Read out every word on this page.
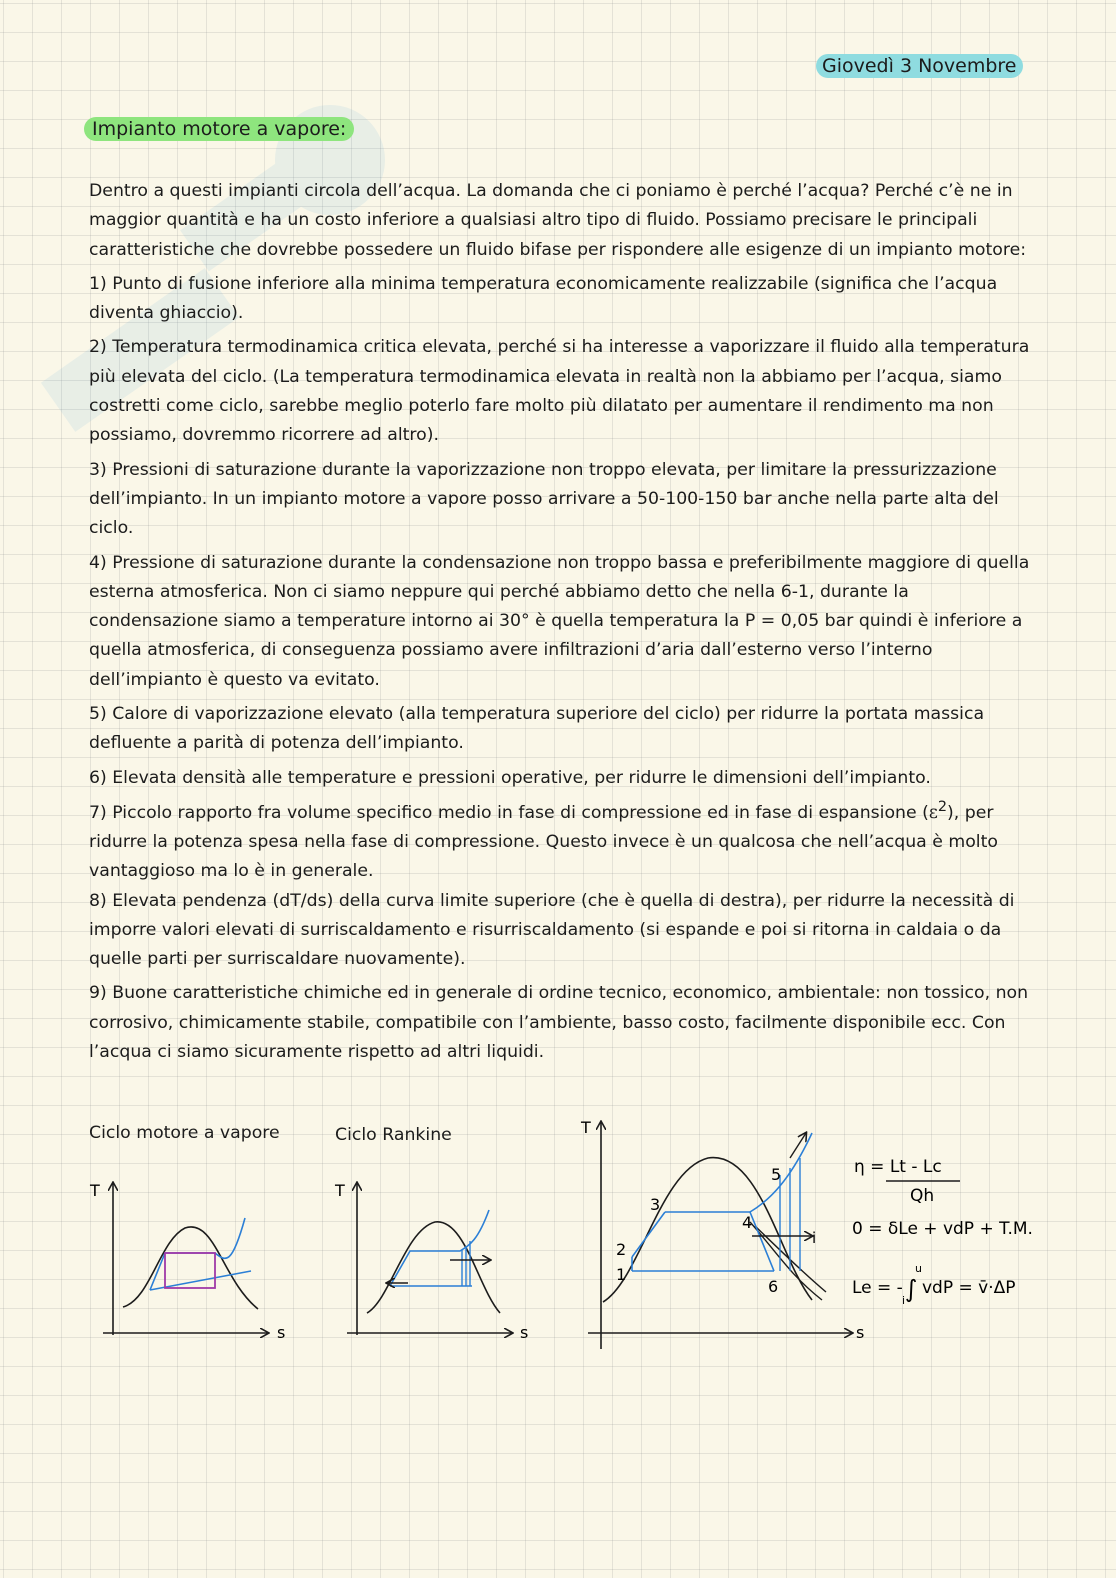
Giovedì 3 Novembre
Impianto motore a vapore:

Dentro a questi impianti circola dell’acqua. La domanda che ci poniamo è perché l’acqua? Perché c’è ne in maggior quantità e ha un costo inferiore a qualsiasi altro tipo di fluido. Possiamo precisare le principali caratteristiche che dovrebbe possedere un fluido bifase per rispondere alle esigenze di un impianto motore:

1) Punto di fusione inferiore alla minima temperatura economicamente realizzabile (significa che l’acqua diventa ghiaccio).

2) Temperatura termodinamica critica elevata, perché si ha interesse a vaporizzare il fluido alla temperatura più elevata del ciclo. (La temperatura termodinamica elevata in realtà non la abbiamo per l’acqua, siamo costretti come ciclo, sarebbe meglio poterlo fare molto più dilatato per aumentare il rendimento ma non possiamo, dovremmo ricorrere ad altro).

3) Pressioni di saturazione durante la vaporizzazione non troppo elevata, per limitare la pressurizzazione dell’impianto. In un impianto motore a vapore posso arrivare a 50-100-150 bar anche nella parte alta del ciclo.

4) Pressione di saturazione durante la condensazione non troppo bassa e preferibilmente maggiore di quella esterna atmosferica. Non ci siamo neppure qui perché abbiamo detto che nella 6-1, durante la condensazione siamo a temperature intorno ai 30° è quella temperatura la P = 0,05 bar quindi è inferiore a quella atmosferica, di conseguenza possiamo avere infiltrazioni d’aria dall’esterno verso l’interno dell’impianto è questo va evitato.

5) Calore di vaporizzazione elevato (alla temperatura superiore del ciclo) per ridurre la portata massica defluente a parità di potenza dell’impianto.

6) Elevata densità alle temperature e pressioni operative, per ridurre le dimensioni dell’impianto.

7) Piccolo rapporto fra volume specifico medio in fase di compressione ed in fase di espansione $(\varepsilon^2)$, per ridurre la potenza spesa nella fase di compressione. Questo invece è un qualcosa che nell’acqua è molto vantaggioso ma lo è in generale.

8) Elevata pendenza (dT/ds) della curva limite superiore (che è quella di destra), per ridurre la necessità di imporre valori elevati di surriscaldamento e risurriscaldamento (si espande e poi si ritorna in caldaia o da quelle parti per surriscaldare nuovamente).

9) Buone caratteristiche chimiche ed in generale di ordine tecnico, economico, ambientale: non tossico, non corrosivo, chimicamente stabile, compatibile con l’ambiente, basso costo, facilmente disponibile ecc. Con l’acqua ci siamo sicuramente rispetto ad altri liquidi.

Ciclo motore a vapore	Ciclo Rankine
T
s
T
s
T
s
1
2
3
4
5
6
i
η = Lt - Lc
Qh
0 = δLe + vdP + T.M.
Le = - ∫
u
i
vdP = v̄·ΔP
